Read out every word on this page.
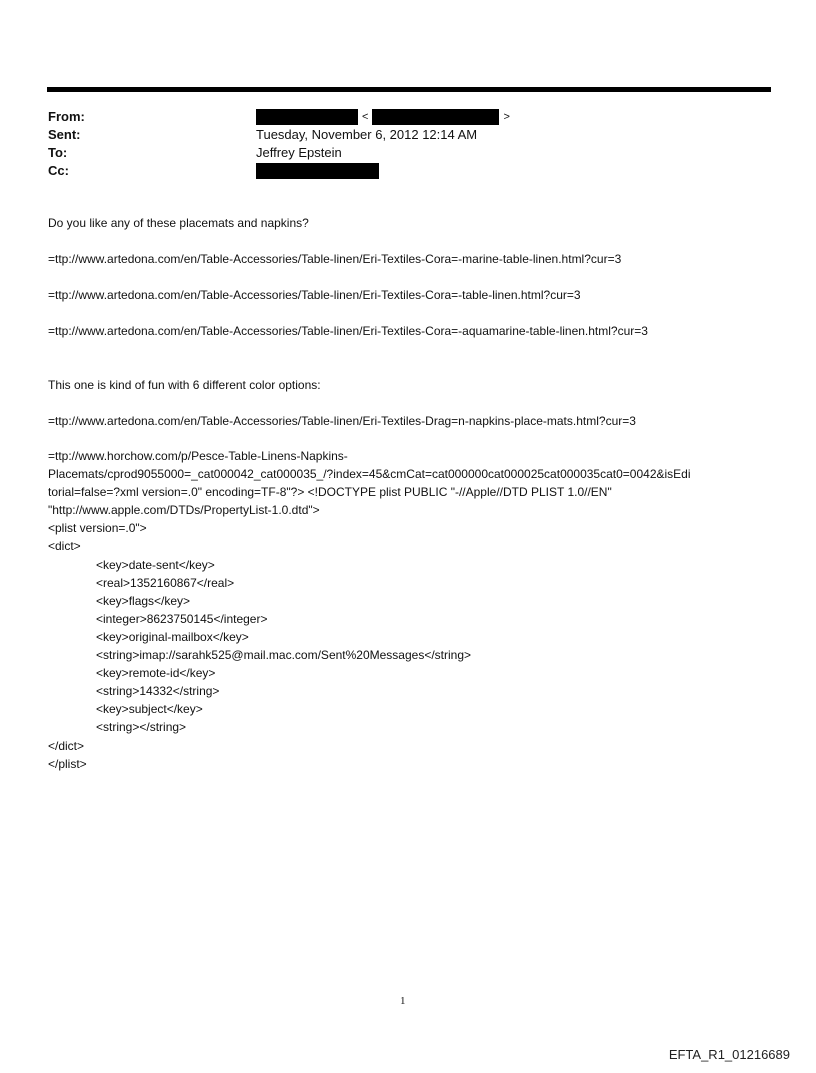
From:	<	>
Sent:	Tuesday, November 6, 2012 12:14 AM
To:	Jeffrey Epstein
Cc:
Do you like any of these placemats and napkins?
=ttp://www.artedona.com/en/Table-Accessories/Table-linen/Eri-Textiles-Cora=-marine-table-linen.html?cur=3
=ttp://www.artedona.com/en/Table-Accessories/Table-linen/Eri-Textiles-Cora=-table-linen.html?cur=3
=ttp://www.artedona.com/en/Table-Accessories/Table-linen/Eri-Textiles-Cora=-aquamarine-table-linen.html?cur=3
This one is kind of fun with 6 different color options:
=ttp://www.artedona.com/en/Table-Accessories/Table-linen/Eri-Textiles-Drag=n-napkins-place-mats.html?cur=3
=ttp://www.horchow.com/p/Pesce-Table-Linens-Napkins-
Placemats/cprod9055000=_cat000042_cat000035_/?index=45&cmCat=cat000000cat000025cat000035cat0=0042&isEdi
torial=false=?xml version=.0" encoding=TF-8"?> <!DOCTYPE plist PUBLIC "-//Apple//DTD PLIST 1.0//EN"
"http://www.apple.com/DTDs/PropertyList-1.0.dtd">
<plist version=.0">
<dict>
<key>date-sent</key>
<real>1352160867</real>
<key>flags</key>
<integer>8623750145</integer>
<key>original-mailbox</key>
<string>imap://sarahk525@mail.mac.com/Sent%20Messages</string>
<key>remote-id</key>
<string>14332</string>
<key>subject</key>
<string></string>
</dict>
</plist>
1
EFTA_R1_01216689
